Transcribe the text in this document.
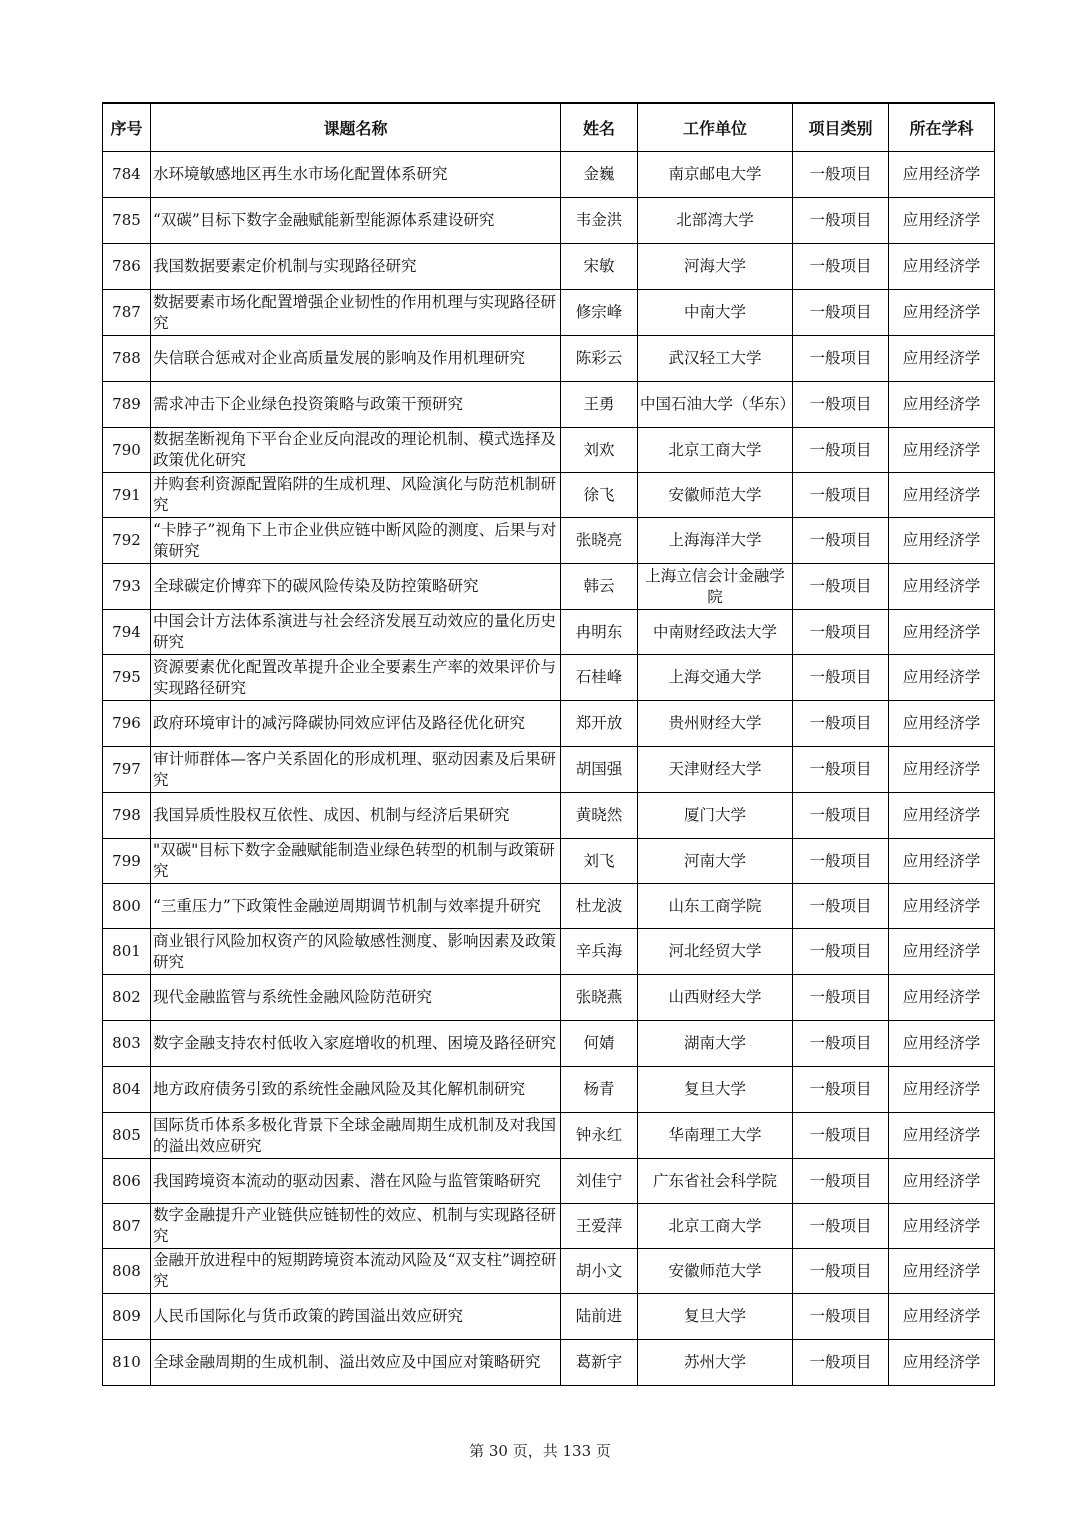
序号	课题名称	姓名	工作单位	项目类别	所在学科
784	水环境敏感地区再生水市场化配置体系研究	金巍	南京邮电大学	一般项目	应用经济学
785	“双碳”目标下数字金融赋能新型能源体系建设研究	韦金洪	北部湾大学	一般项目	应用经济学
786	我国数据要素定价机制与实现路径研究	宋敏	河海大学	一般项目	应用经济学
787	数据要素市场化配置增强企业韧性的作用机理与实现路径研究	修宗峰	中南大学	一般项目	应用经济学
788	失信联合惩戒对企业高质量发展的影响及作用机理研究	陈彩云	武汉轻工大学	一般项目	应用经济学
789	需求冲击下企业绿色投资策略与政策干预研究	王勇	中国石油大学（华东）	一般项目	应用经济学
790	数据垄断视角下平台企业反向混改的理论机制、模式选择及政策优化研究	刘欢	北京工商大学	一般项目	应用经济学
791	并购套利资源配置陷阱的生成机理、风险演化与防范机制研究	徐飞	安徽师范大学	一般项目	应用经济学
792	“卡脖子”视角下上市企业供应链中断风险的测度、后果与对策研究	张晓亮	上海海洋大学	一般项目	应用经济学
793	全球碳定价博弈下的碳风险传染及防控策略研究	韩云	上海立信会计金融学院	一般项目	应用经济学
794	中国会计方法体系演进与社会经济发展互动效应的量化历史研究	冉明东	中南财经政法大学	一般项目	应用经济学
795	资源要素优化配置改革提升企业全要素生产率的效果评价与实现路径研究	石桂峰	上海交通大学	一般项目	应用经济学
796	政府环境审计的减污降碳协同效应评估及路径优化研究	郑开放	贵州财经大学	一般项目	应用经济学
797	审计师群体—客户关系固化的形成机理、驱动因素及后果研究	胡国强	天津财经大学	一般项目	应用经济学
798	我国异质性股权互依性、成因、机制与经济后果研究	黄晓然	厦门大学	一般项目	应用经济学
799	"双碳"目标下数字金融赋能制造业绿色转型的机制与政策研究	刘飞	河南大学	一般项目	应用经济学
800	“三重压力”下政策性金融逆周期调节机制与效率提升研究	杜龙波	山东工商学院	一般项目	应用经济学
801	商业银行风险加权资产的风险敏感性测度、影响因素及政策研究	辛兵海	河北经贸大学	一般项目	应用经济学
802	现代金融监管与系统性金融风险防范研究	张晓燕	山西财经大学	一般项目	应用经济学
803	数字金融支持农村低收入家庭增收的机理、困境及路径研究	何婧	湖南大学	一般项目	应用经济学
804	地方政府债务引致的系统性金融风险及其化解机制研究	杨青	复旦大学	一般项目	应用经济学
805	国际货币体系多极化背景下全球金融周期生成机制及对我国的溢出效应研究	钟永红	华南理工大学	一般项目	应用经济学
806	我国跨境资本流动的驱动因素、潜在风险与监管策略研究	刘佳宁	广东省社会科学院	一般项目	应用经济学
807	数字金融提升产业链供应链韧性的效应、机制与实现路径研究	王爱萍	北京工商大学	一般项目	应用经济学
808	金融开放进程中的短期跨境资本流动风险及“双支柱”调控研究	胡小文	安徽师范大学	一般项目	应用经济学
809	人民币国际化与货币政策的跨国溢出效应研究	陆前进	复旦大学	一般项目	应用经济学
810	全球金融周期的生成机制、溢出效应及中国应对策略研究	葛新宇	苏州大学	一般项目	应用经济学
第 30 页，共 133 页
